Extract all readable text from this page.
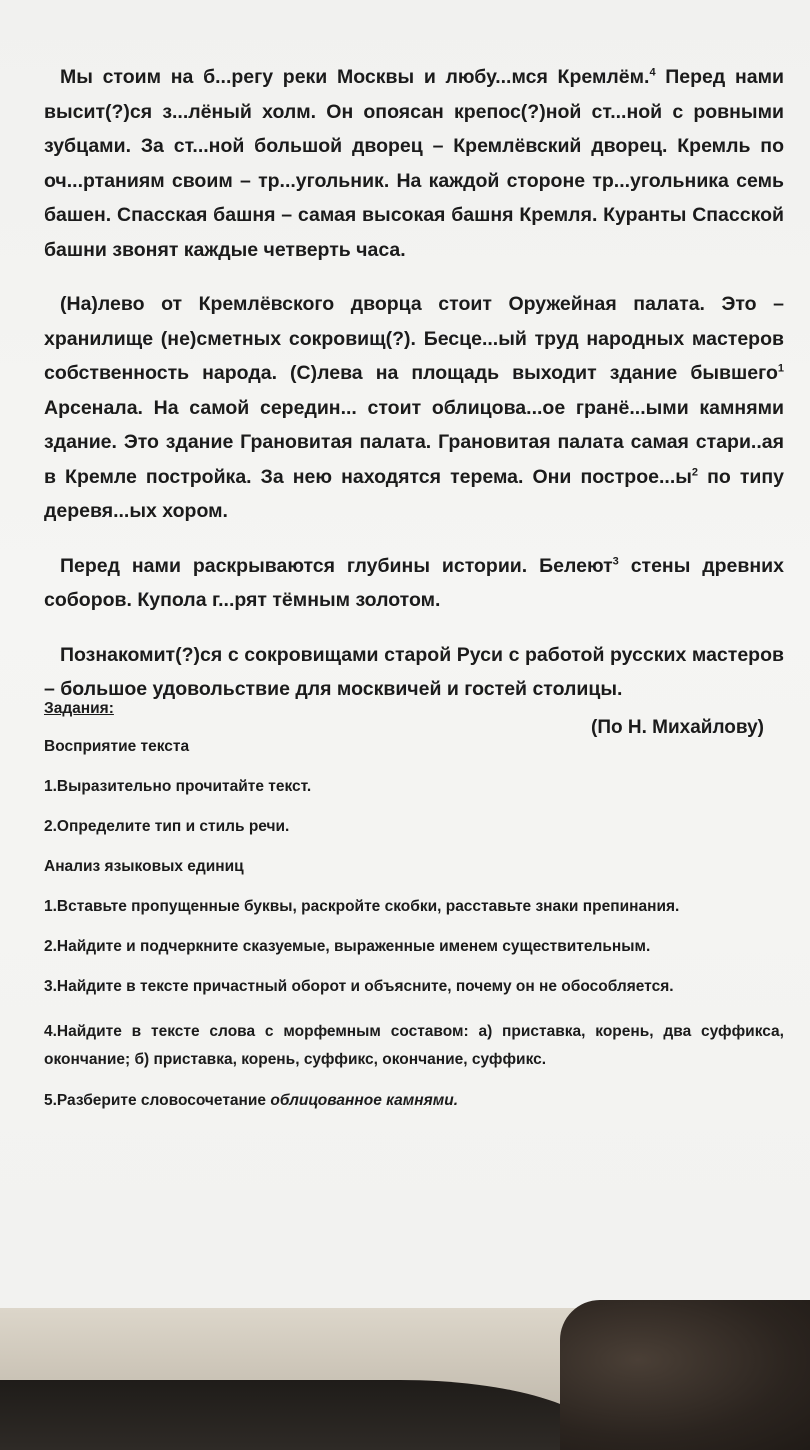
Мы стоим на б...регу реки Москвы и любу...мся Кремлём.$^4$ Перед нами высит(?)ся з...лёный холм. Он опоясан крепос(?)ной ст...ной с ровными зубцами. За ст...ной большой дворец – Кремлёвский дворец. Кремль по оч...ртаниям своим – тр...угольник. На каждой стороне тр...угольника семь башен. Спасская башня – самая высокая башня Кремля. Куранты Спасской башни звонят каждые четверть часа.

(На)лево от Кремлёвского дворца стоит Оружейная палата. Это – хранилище (не)сметных сокровищ(?). Бесце...ый труд народных мастеров собственность народа. (С)лева на площадь выходит здание бывшего$^1$ Арсенала. На самой середин... стоит облицова...ое гранё...ыми камнями здание. Это здание Грановитая палата. Грановитая палата самая стари..ая в Кремле постройка. За нею находятся терема. Они $построе...ы^2$ по типу деревя...ых хором.

Перед нами раскрываются глубины истории. Белеют$^3$ стены древних соборов. Купола г...рят тёмным золотом.

Познакомит(?)ся с сокровищами старой Руси с работой русских мастеров – большое удовольствие для москвичей и гостей столицы.

(По Н. Михайлову)

Задания:

Восприятие текста

1.Выразительно прочитайте текст.

2.Определите тип и стиль речи.

Анализ языковых единиц

1.Вставьте пропущенные буквы, раскройте скобки, расставьте знаки препинания.

2.Найдите и подчеркните сказуемые, выраженные именем существительным.

3.Найдите в тексте причастный оборот и объясните, почему он не обособляется.

4.Найдите в тексте слова с морфемным составом: а) приставка, корень, два суффикса, окончание; б) приставка, корень, суффикс, окончание, суффикс.

5.Разберите словосочетание облицованное камнями.
